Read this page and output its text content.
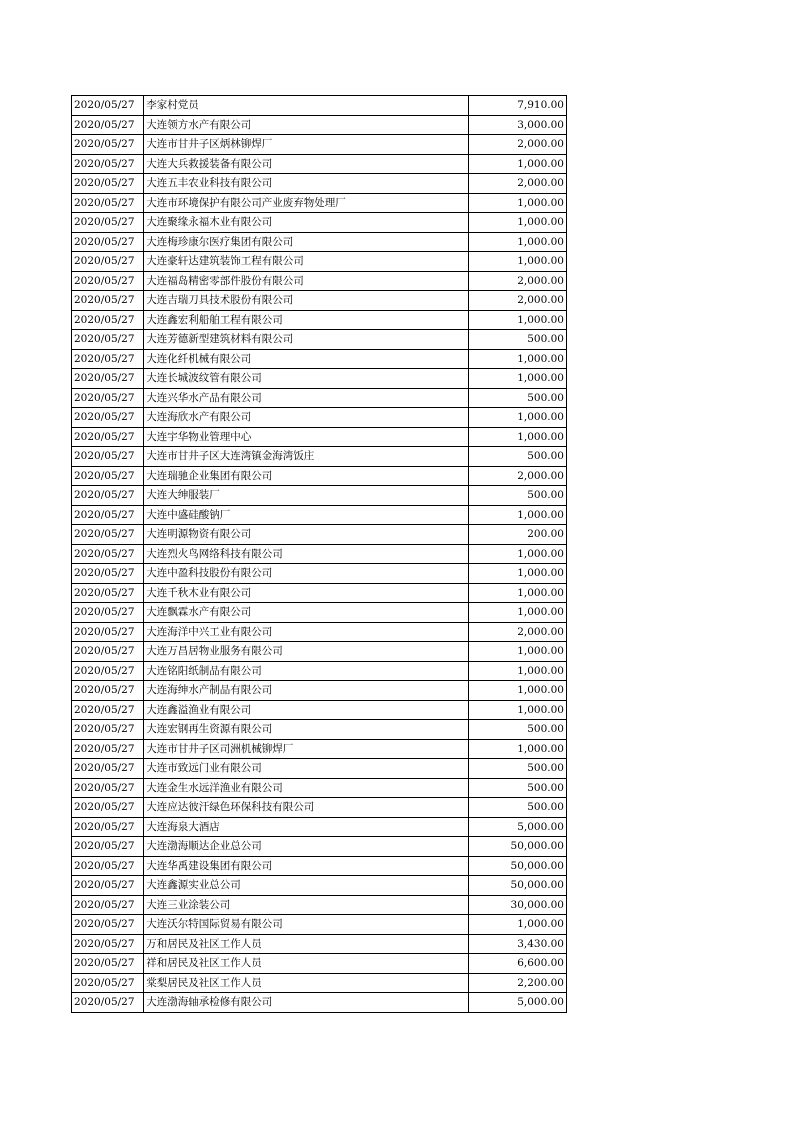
2020/05/27	李家村党员	7,910.00
2020/05/27	大连领方水产有限公司	3,000.00
2020/05/27	大连市甘井子区炳林铆焊厂	2,000.00
2020/05/27	大连大兵救援装备有限公司	1,000.00
2020/05/27	大连五丰农业科技有限公司	2,000.00
2020/05/27	大连市环境保护有限公司产业废弃物处理厂	1,000.00
2020/05/27	大连聚缘永福木业有限公司	1,000.00
2020/05/27	大连梅珍康尔医疗集团有限公司	1,000.00
2020/05/27	大连豪轩达建筑装饰工程有限公司	1,000.00
2020/05/27	大连福岛精密零部件股份有限公司	2,000.00
2020/05/27	大连吉瑞刀具技术股份有限公司	2,000.00
2020/05/27	大连鑫宏利船舶工程有限公司	1,000.00
2020/05/27	大连芳德新型建筑材料有限公司	500.00
2020/05/27	大连化纤机械有限公司	1,000.00
2020/05/27	大连长城波纹管有限公司	1,000.00
2020/05/27	大连兴华水产品有限公司	500.00
2020/05/27	大连海欣水产有限公司	1,000.00
2020/05/27	大连宇华物业管理中心	1,000.00
2020/05/27	大连市甘井子区大连湾镇金海湾饭庄	500.00
2020/05/27	大连瑞驰企业集团有限公司	2,000.00
2020/05/27	大连大绅服装厂	500.00
2020/05/27	大连中盛硅酸钠厂	1,000.00
2020/05/27	大连明源物资有限公司	200.00
2020/05/27	大连烈火鸟网络科技有限公司	1,000.00
2020/05/27	大连中盈科技股份有限公司	1,000.00
2020/05/27	大连千秋木业有限公司	1,000.00
2020/05/27	大连飘霖水产有限公司	1,000.00
2020/05/27	大连海洋中兴工业有限公司	2,000.00
2020/05/27	大连万昌居物业服务有限公司	1,000.00
2020/05/27	大连铭阳纸制品有限公司	1,000.00
2020/05/27	大连海绅水产制品有限公司	1,000.00
2020/05/27	大连鑫溢渔业有限公司	1,000.00
2020/05/27	大连宏钢再生资源有限公司	500.00
2020/05/27	大连市甘井子区司洲机械铆焊厂	1,000.00
2020/05/27	大连市致远门业有限公司	500.00
2020/05/27	大连金生水远洋渔业有限公司	500.00
2020/05/27	大连应达彼汗绿色环保科技有限公司	500.00
2020/05/27	大连海泉大酒店	5,000.00
2020/05/27	大连渤海顺达企业总公司	50,000.00
2020/05/27	大连华禹建设集团有限公司	50,000.00
2020/05/27	大连鑫源实业总公司	50,000.00
2020/05/27	大连三业涂装公司	30,000.00
2020/05/27	大连沃尔特国际贸易有限公司	1,000.00
2020/05/27	万和居民及社区工作人员	3,430.00
2020/05/27	祥和居民及社区工作人员	6,600.00
2020/05/27	棠梨居民及社区工作人员	2,200.00
2020/05/27	大连渤海轴承检修有限公司	5,000.00
